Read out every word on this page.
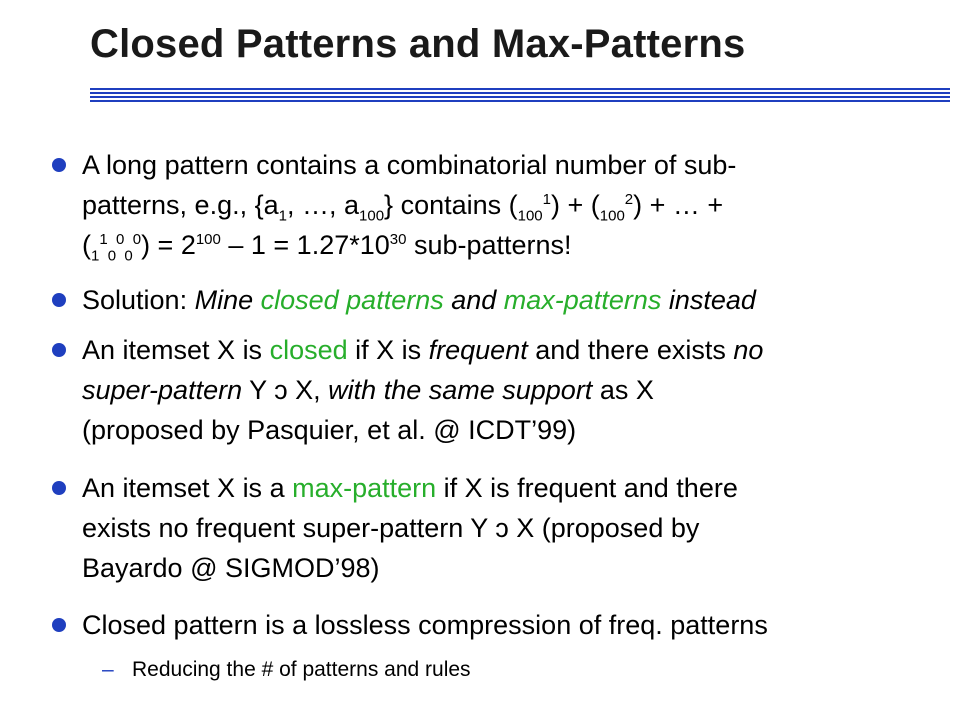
Closed Patterns and Max-Patterns
A long pattern contains a combinatorial number of sub-
patterns, e.g., {$a_1$, …, $a_{100}$} contains $(_{100}^1) + (_{100}^2)$ + … +
$(_1^1_0^0_0^0) = 2^{100} - 1 = 1.27*10^{30}$ sub-patterns!
Solution: Mine closed patterns and max-patterns instead
An itemset X is closed if X is frequent and there exists no
super-pattern Y ɔ X, with the same support as X
(proposed by Pasquier, et al. @ ICDT’99)
An itemset X is a max-pattern if X is frequent and there
exists no frequent super-pattern Y ɔ X (proposed by
Bayardo @ SIGMOD’98)
Closed pattern is a lossless compression of freq. patterns
– Reducing the # of patterns and rules
